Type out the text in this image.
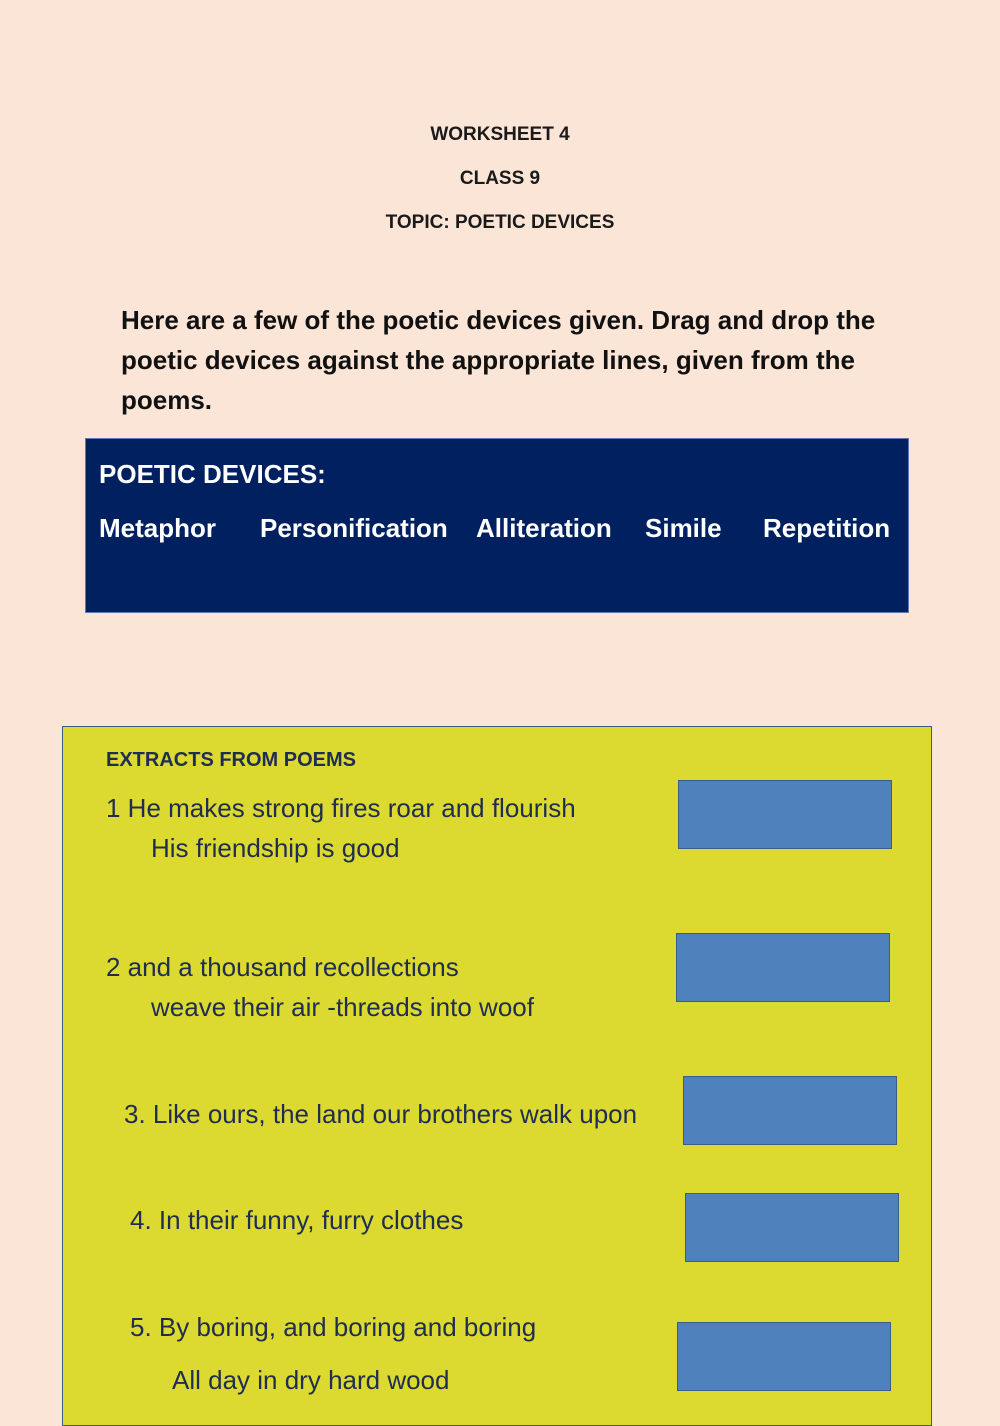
WORKSHEET 4
CLASS 9
TOPIC: POETIC DEVICES
Here are a few of the poetic devices given. Drag and drop the poetic devices against the appropriate lines, given from the poems.
POETIC DEVICES:
Metaphor Personification Alliteration Simile Repetition
EXTRACTS FROM POEMS
1 He makes strong fires roar and flourish
His friendship is good
2 and a thousand recollections
weave their air -threads into woof
3. Like ours, the land our brothers walk upon
4. In their funny, furry clothes
5. By boring, and boring and boring
All day in dry hard wood
